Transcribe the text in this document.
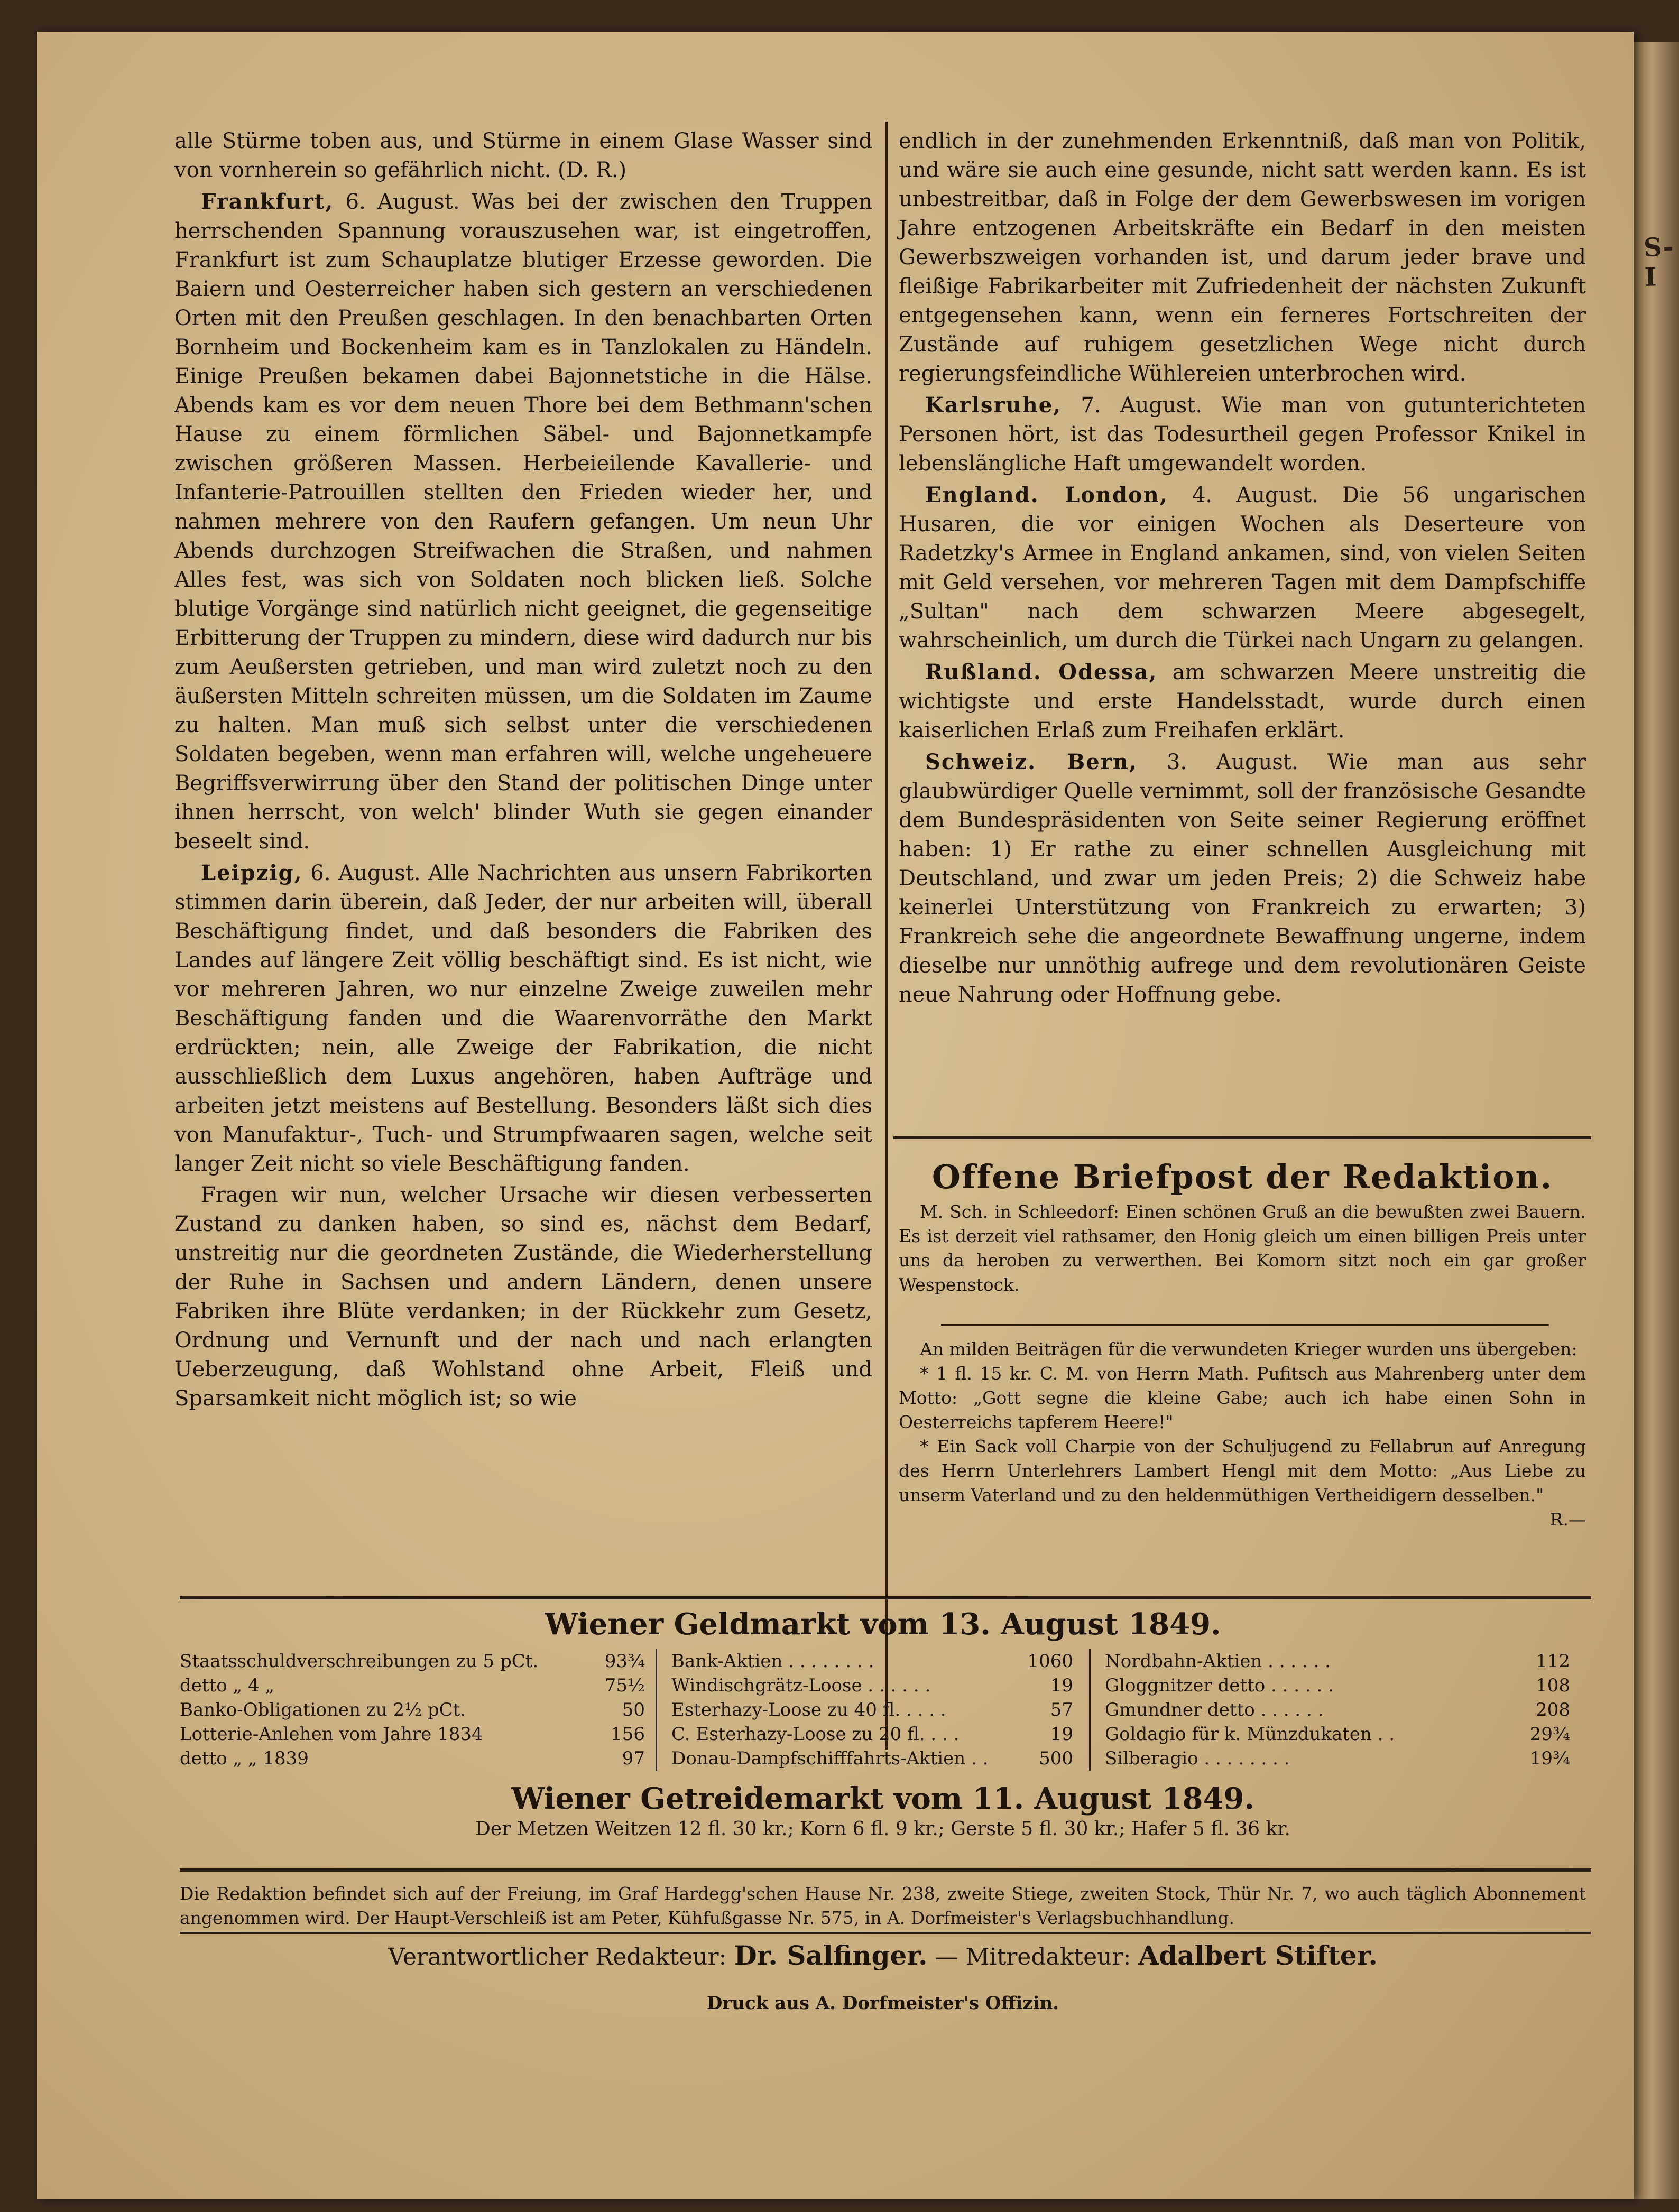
S-I

alle Stürme toben aus, und Stürme in einem Glase Wasser sind von vornherein so gefährlich nicht. (D. R.)

Frankfurt, 6. August. Was bei der zwischen den Truppen herrschenden Spannung vorauszusehen war, ist eingetroffen, Frankfurt ist zum Schauplatze blutiger Erzesse geworden. Die Baiern und Oesterreicher haben sich gestern an verschiedenen Orten mit den Preußen geschlagen. In den benachbarten Orten Bornheim und Bockenheim kam es in Tanzlokalen zu Händeln. Einige Preußen bekamen dabei Bajonnetstiche in die Hälse. Abends kam es vor dem neuen Thore bei dem Bethmann'schen Hause zu einem förmlichen Säbel- und Bajonnetkampfe zwischen größeren Massen. Herbeieilende Kavallerie- und Infanterie-Patrouillen stellten den Frieden wieder her, und nahmen mehrere von den Raufern gefangen. Um neun Uhr Abends durchzogen Streifwachen die Straßen, und nahmen Alles fest, was sich von Soldaten noch blicken ließ. Solche blutige Vorgänge sind natürlich nicht geeignet, die gegenseitige Erbitterung der Truppen zu mindern, diese wird dadurch nur bis zum Aeußersten getrieben, und man wird zuletzt noch zu den äußersten Mitteln schreiten müssen, um die Soldaten im Zaume zu halten. Man muß sich selbst unter die verschiedenen Soldaten begeben, wenn man erfahren will, welche ungeheuere Begriffsverwirrung über den Stand der politischen Dinge unter ihnen herrscht, von welch' blinder Wuth sie gegen einander beseelt sind.

Leipzig, 6. August. Alle Nachrichten aus unsern Fabrikorten stimmen darin überein, daß Jeder, der nur arbeiten will, überall Beschäftigung findet, und daß besonders die Fabriken des Landes auf längere Zeit völlig beschäftigt sind. Es ist nicht, wie vor mehreren Jahren, wo nur einzelne Zweige zuweilen mehr Beschäftigung fanden und die Waarenvorräthe den Markt erdrückten; nein, alle Zweige der Fabrikation, die nicht ausschließlich dem Luxus angehören, haben Aufträge und arbeiten jetzt meistens auf Bestellung. Besonders läßt sich dies von Manufaktur-, Tuch- und Strumpfwaaren sagen, welche seit langer Zeit nicht so viele Beschäftigung fanden.

Fragen wir nun, welcher Ursache wir diesen verbesserten Zustand zu danken haben, so sind es, nächst dem Bedarf, unstreitig nur die geordneten Zustände, die Wiederherstellung der Ruhe in Sachsen und andern Ländern, denen unsere Fabriken ihre Blüte verdanken; in der Rückkehr zum Gesetz, Ordnung und Vernunft und der nach und nach erlangten Ueberzeugung, daß Wohlstand ohne Arbeit, Fleiß und Sparsamkeit nicht möglich ist; so wie

endlich in der zunehmenden Erkenntniß, daß man von Politik, und wäre sie auch eine gesunde, nicht satt werden kann. Es ist unbestreitbar, daß in Folge der dem Gewerbswesen im vorigen Jahre entzogenen Arbeitskräfte ein Bedarf in den meisten Gewerbszweigen vorhanden ist, und darum jeder brave und fleißige Fabrikarbeiter mit Zufriedenheit der nächsten Zukunft entgegensehen kann, wenn ein ferneres Fortschreiten der Zustände auf ruhigem gesetzlichen Wege nicht durch regierungsfeindliche Wühlereien unterbrochen wird.

Karlsruhe, 7. August. Wie man von gutunterichteten Personen hört, ist das Todesurtheil gegen Professor Knikel in lebenslängliche Haft umgewandelt worden.

England. London, 4. August. Die 56 ungarischen Husaren, die vor einigen Wochen als Deserteure von Radetzky's Armee in England ankamen, sind, von vielen Seiten mit Geld versehen, vor mehreren Tagen mit dem Dampfschiffe „Sultan" nach dem schwarzen Meere abgesegelt, wahrscheinlich, um durch die Türkei nach Ungarn zu gelangen.

Rußland. Odessa, am schwarzen Meere unstreitig die wichtigste und erste Handelsstadt, wurde durch einen kaiserlichen Erlaß zum Freihafen erklärt.

Schweiz. Bern, 3. August. Wie man aus sehr glaubwürdiger Quelle vernimmt, soll der französische Gesandte dem Bundespräsidenten von Seite seiner Regierung eröffnet haben: 1) Er rathe zu einer schnellen Ausgleichung mit Deutschland, und zwar um jeden Preis; 2) die Schweiz habe keinerlei Unterstützung von Frankreich zu erwarten; 3) Frankreich sehe die angeordnete Bewaffnung ungerne, indem dieselbe nur unnöthig aufrege und dem revolutionären Geiste neue Nahrung oder Hoffnung gebe.

Offene Briefpost der Redaktion.

M. Sch. in Schleedorf: Einen schönen Gruß an die bewußten zwei Bauern. Es ist derzeit viel rathsamer, den Honig gleich um einen billigen Preis unter uns da heroben zu verwerthen. Bei Komorn sitzt noch ein gar großer Wespenstock.

An milden Beiträgen für die verwundeten Krieger wurden uns übergeben:

* 1 fl. 15 kr. C. M. von Herrn Math. Pufitsch aus Mahrenberg unter dem Motto: „Gott segne die kleine Gabe; auch ich habe einen Sohn in Oesterreichs tapferem Heere!"

* Ein Sack voll Charpie von der Schuljugend zu Fellabrun auf Anregung des Herrn Unterlehrers Lambert Hengl mit dem Motto: „Aus Liebe zu unserm Vaterland und zu den heldenmüthigen Vertheidigern desselben."

R.—

Wiener Geldmarkt vom 13. August 1849.
Staatsschuldverschreibungen zu 5 pCt.	93¾
detto „ 4 „	75½
Banko-Obligationen zu 2½ pCt.	50
Lotterie-Anlehen vom Jahre 1834	156
detto „ „ 1839	97
Bank-Aktien . . . . . . . .	1060
Windischgrätz-Loose . . . . . .	19
Esterhazy-Loose zu 40 fl. . . . .	57
C. Esterhazy-Loose zu 20 fl. . . .	19
Donau-Dampfschifffahrts-Aktien . .	500
Nordbahn-Aktien . . . . . .	112
Gloggnitzer detto . . . . . .	108
Gmundner detto . . . . . .	208
Goldagio für k. Münzdukaten . .	29¾
Silberagio . . . . . . . .	19¾
Wiener Getreidemarkt vom 11. August 1849.
Der Metzen Weitzen 12 fl. 30 kr.; Korn 6 fl. 9 kr.; Gerste 5 fl. 30 kr.; Hafer 5 fl. 36 kr.
Die Redaktion befindet sich auf der Freiung, im Graf Hardegg'schen Hause Nr. 238, zweite Stiege, zweiten Stock, Thür Nr. 7, wo auch täglich Abonnement angenommen wird. Der Haupt-Verschleiß ist am Peter, Kühfußgasse Nr. 575, in A. Dorfmeister's Verlagsbuchhandlung.
Verantwortlicher Redakteur: Dr. Salfinger. — Mitredakteur: Adalbert Stifter.
Druck aus A. Dorfmeister's Offizin.
